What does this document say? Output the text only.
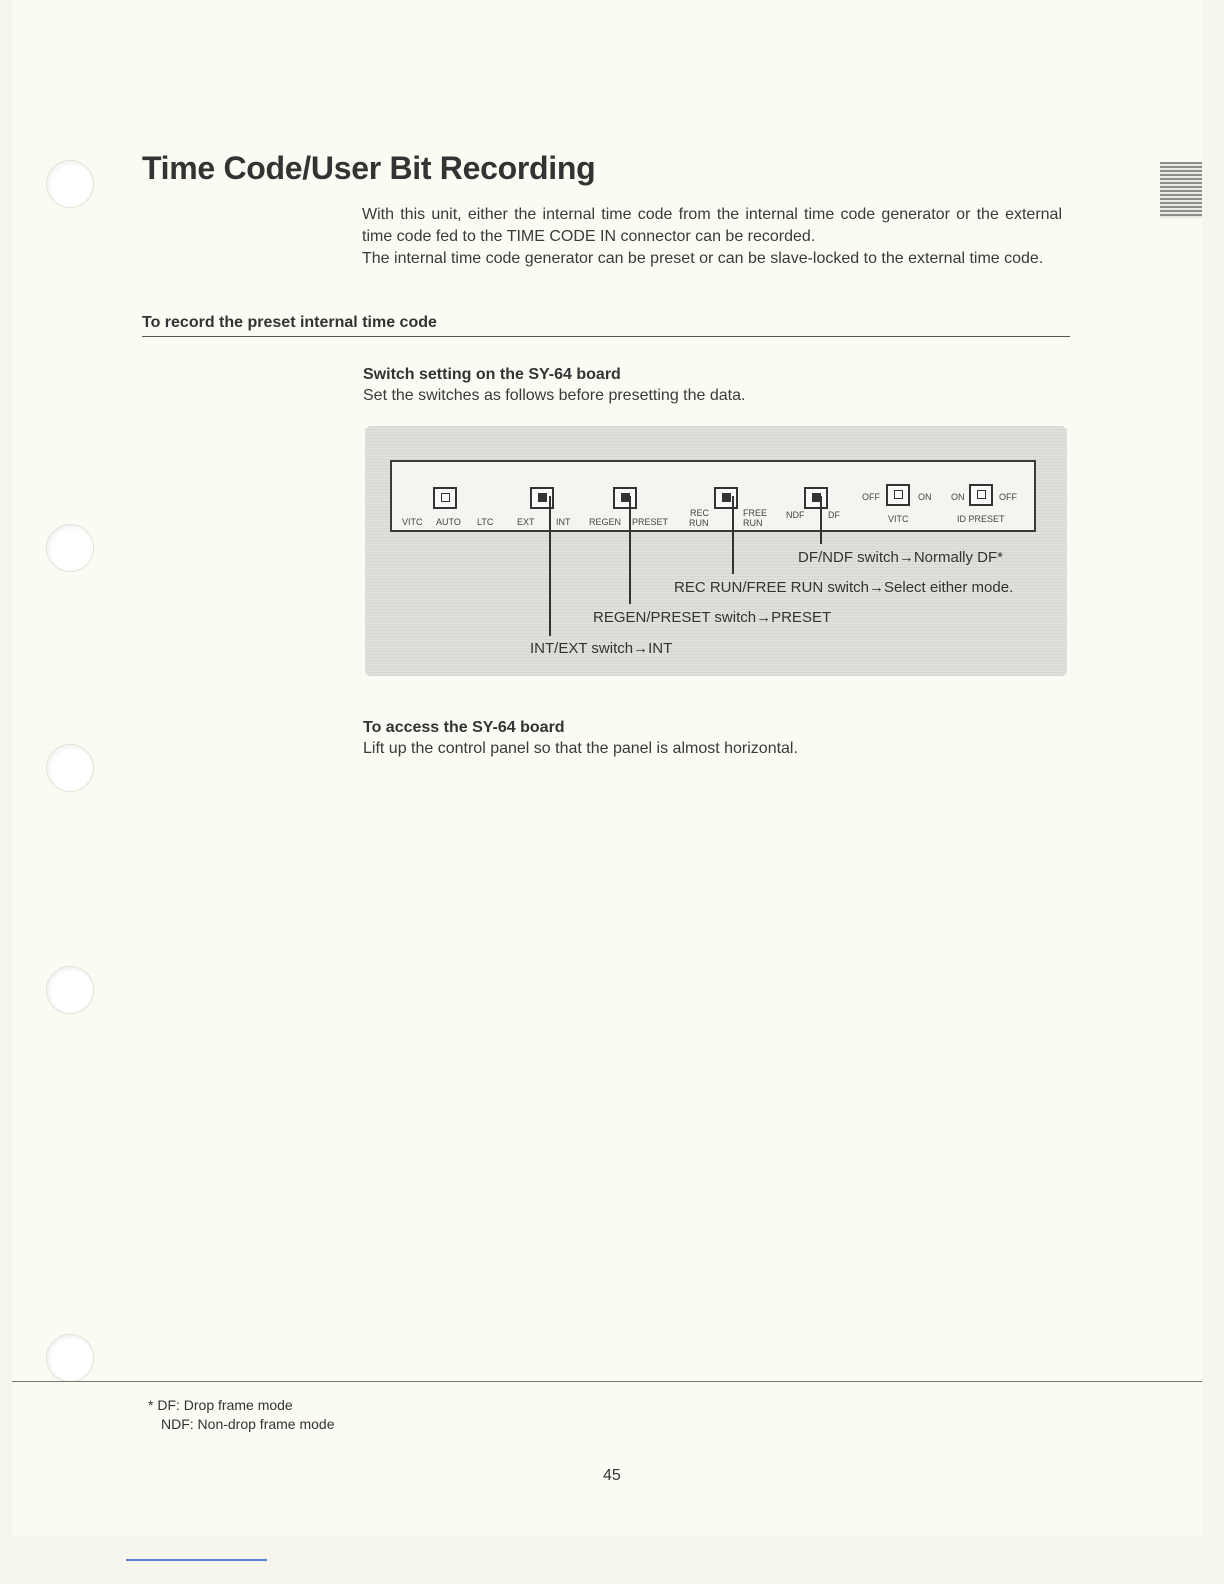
Time Code/User Bit Recording

With this unit, either the internal time code from the internal time code generator or the external time code fed to the TIME CODE IN connector can be recorded.

The internal time code generator can be preset or can be slave-locked to the external time code.

To record the preset internal time code
Switch setting on the SY-64 board
Set the switches as follows before presetting the data.
VITC AUTO LTC	EXT INT REGEN PRESET
REC
RUN
FREE
RUN
NDF	DF
OFF	ON
VITC
ON	OFF
ID PRESET
DF/NDF switch→Normally DF*
REC RUN/FREE RUN switch→Select either mode.
REGEN/PRESET switch→PRESET
INT/EXT switch→INT
To access the SY-64 board
Lift up the control panel so that the panel is almost horizontal.
* DF: Drop frame mode
NDF: Non-drop frame mode
45
